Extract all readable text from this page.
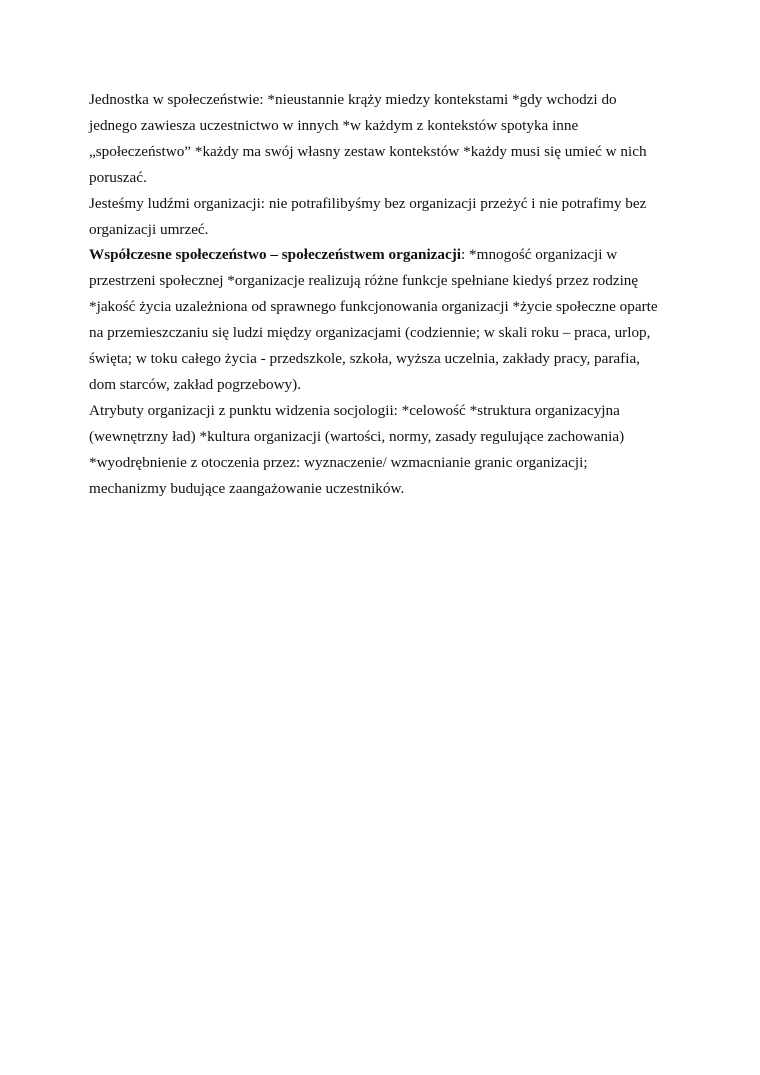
Jednostka w społeczeństwie: *nieustannie krąży miedzy kontekstami *gdy wchodzi do
jednego zawiesza uczestnictwo w innych *w każdym z kontekstów spotyka inne
„społeczeństwo” *każdy ma swój własny zestaw kontekstów *każdy musi się umieć w nich
poruszać.

Jesteśmy ludźmi organizacji: nie potrafilibyśmy bez organizacji przeżyć i nie potrafimy bez
organizacji umrzeć.

Współczesne społeczeństwo – społeczeństwem organizacji: *mnogość organizacji w
przestrzeni społecznej *organizacje realizują różne funkcje spełniane kiedyś przez rodzinę
*jakość życia uzależniona od sprawnego funkcjonowania organizacji *życie społeczne oparte
na przemieszczaniu się ludzi między organizacjami (codziennie; w skali roku – praca, urlop,
święta; w toku całego życia - przedszkole, szkoła, wyższa uczelnia, zakłady pracy, parafia,
dom starców, zakład pogrzebowy).

Atrybuty organizacji z punktu widzenia socjologii: *celowość *struktura organizacyjna
(wewnętrzny ład) *kultura organizacji (wartości, normy, zasady regulujące zachowania)
*wyodrębnienie z otoczenia przez: wyznaczenie/ wzmacnianie granic organizacji;
mechanizmy budujące zaangażowanie uczestników.
